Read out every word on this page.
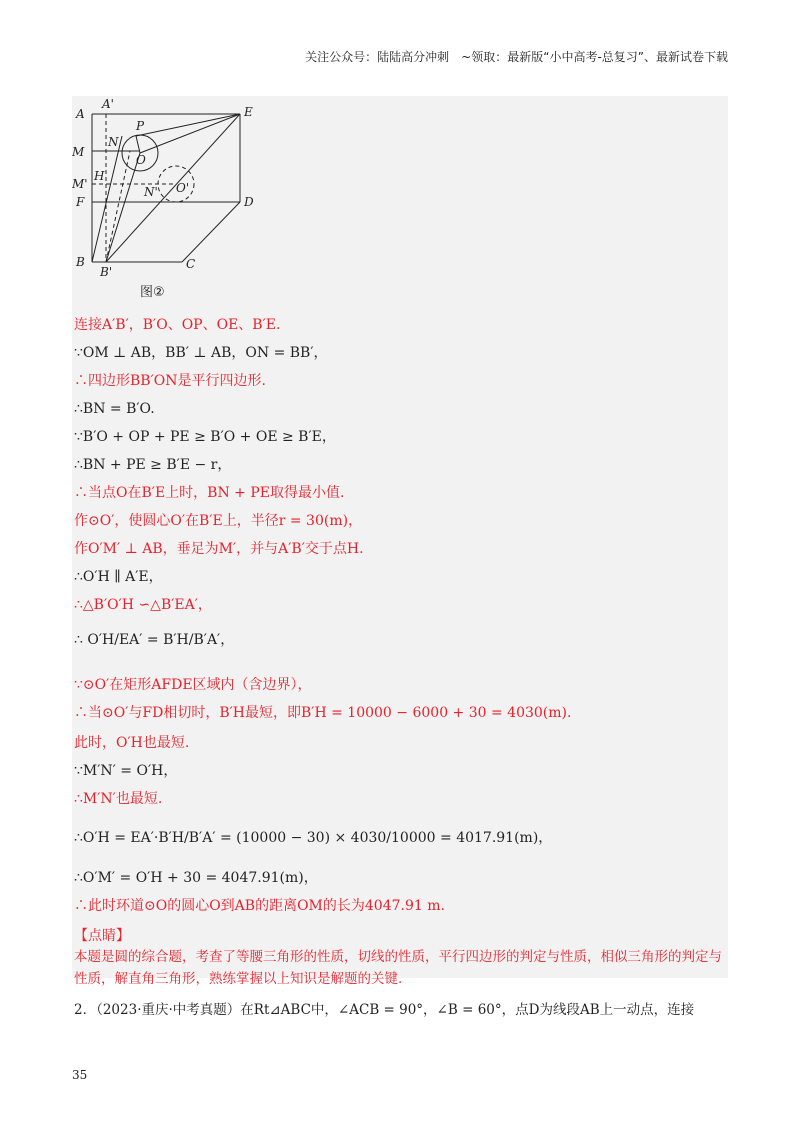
关注公众号：陆陆高分冲刺　~领取：最新版“小中高考-总复习”、最新试卷下载
A
A'
E
P
N
O
M
M'
H
N' O'
F	D
B
B'
C
图②
连接A′B′，B′O、OP、OE、B′E.
∵OM ⊥ AB，BB′ ⊥ AB，ON = BB′，
∴四边形BB′ON是平行四边形.
∴BN = B′O.
∵B′O + OP + PE ≥ B′O + OE ≥ B′E，
∴BN + PE ≥ B′E − r，
∴当点O在B′E上时，BN + PE取得最小值.
作⊙O′，使圆心O′在B′E上，半径r = 30(m)，
作O′M′ ⊥ AB，垂足为M′，并与A′B′交于点H.
∴O′H ∥ A′E，
∴△B′O′H ∽△B′EA′，
∴ O′H/EA′ = B′H/B′A′，
∵⊙O′在矩形AFDE区域内（含边界），
∴当⊙O′与FD相切时，B′H最短，即B′H = 10000 − 6000 + 30 = 4030(m).
此时，O′H也最短.
∵M′N′ = O′H，
∴M′N′也最短.
∴O′H = EA′·B′H/B′A′ = (10000 − 30) × 4030/10000 = 4017.91(m)，
∴O′M′ = O′H + 30 = 4047.91(m)，
∴此时环道⊙O的圆心O到AB的距离OM的长为4047.91 m.
【点睛】
本题是圆的综合题，考查了等腰三角形的性质，切线的性质，平行四边形的判定与性质，相似三角形的判定与性质，解直角三角形，熟练掌握以上知识是解题的关键.
2．（2023·重庆·中考真题）在Rt⊿ABC中，∠ACB = 90°，∠B = 60°，点D为线段AB上一动点，连接
35
